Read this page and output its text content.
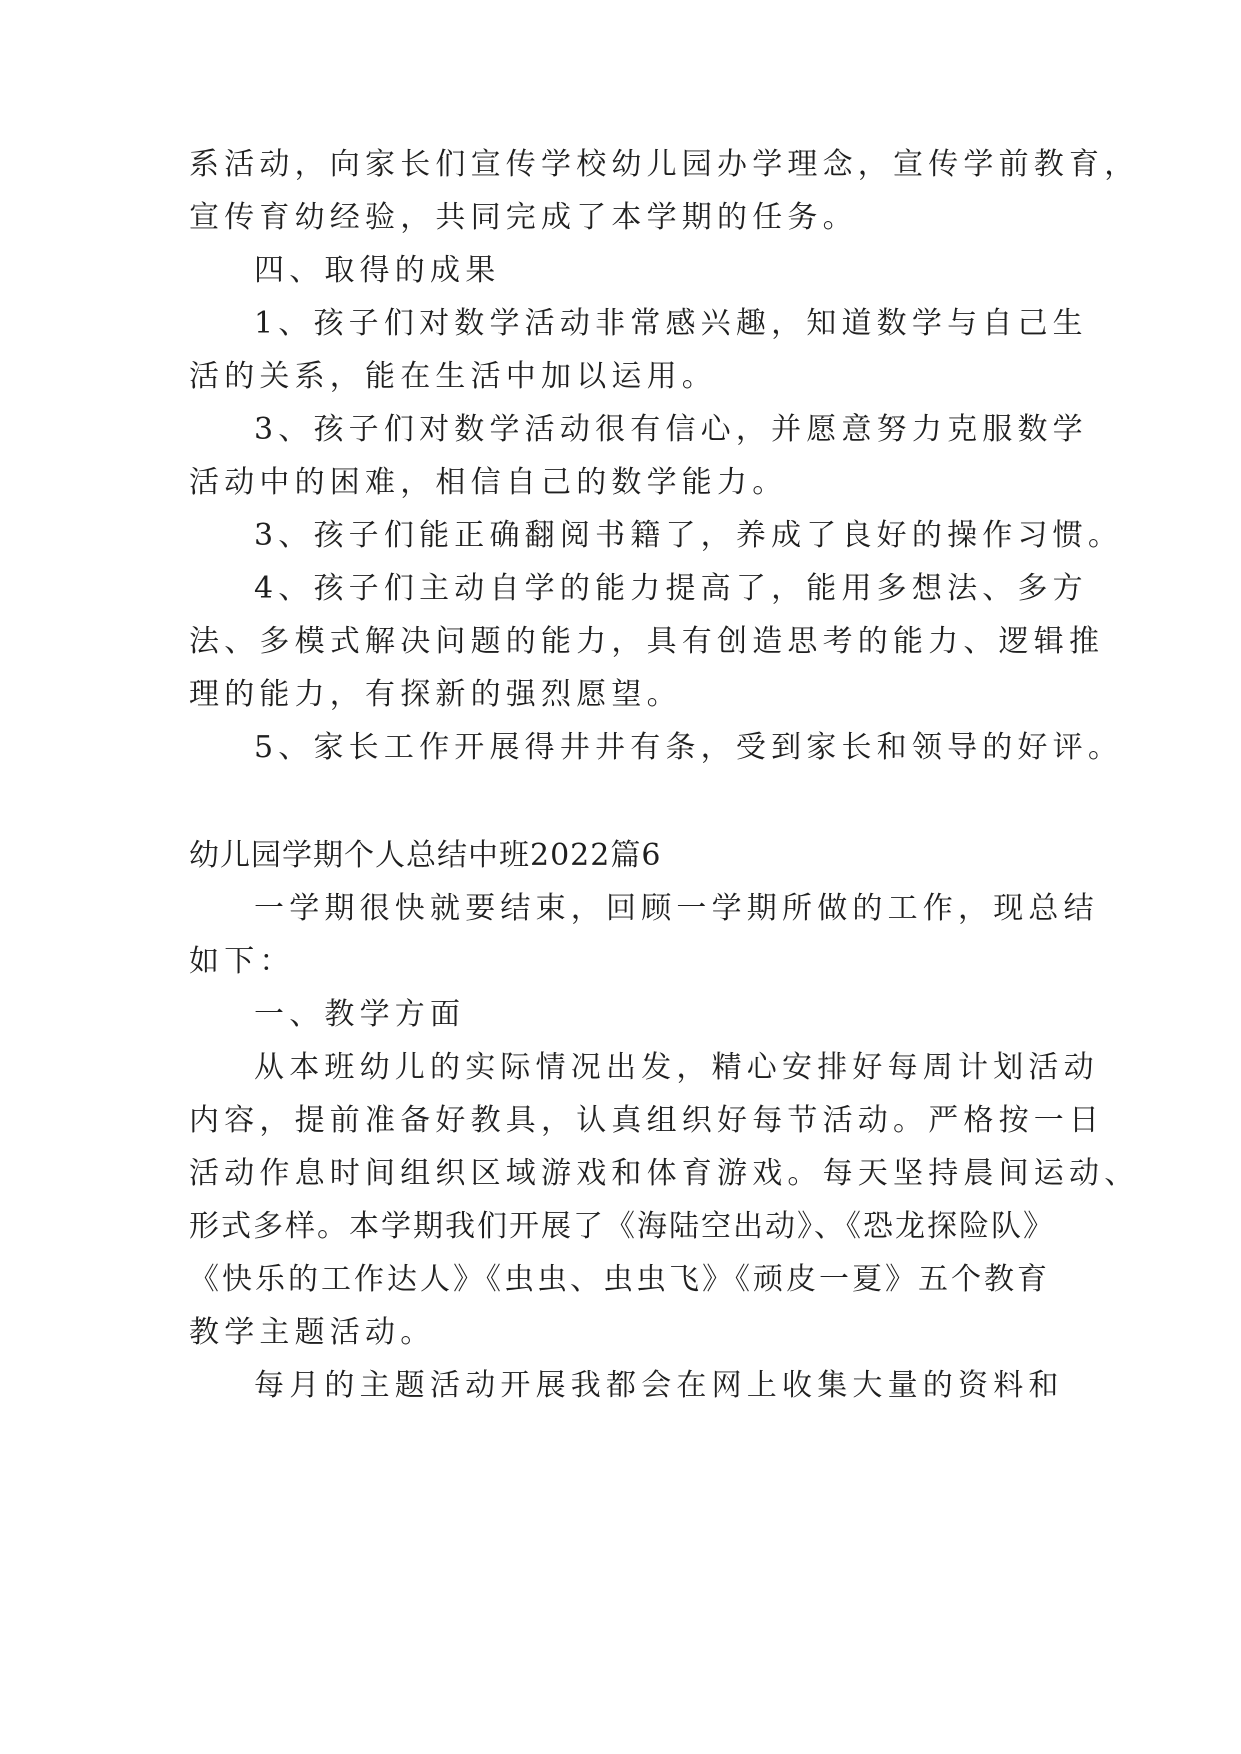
系活动，向家长们宣传学校幼儿园办学理念，宣传学前教育，
宣传育幼经验，共同完成了本学期的任务。
四、取得的成果
1、孩子们对数学活动非常感兴趣，知道数学与自己生
活的关系，能在生活中加以运用。
3、孩子们对数学活动很有信心，并愿意努力克服数学
活动中的困难，相信自己的数学能力。
3、孩子们能正确翻阅书籍了，养成了良好的操作习惯。
4、孩子们主动自学的能力提高了，能用多想法、多方
法、多模式解决问题的能力，具有创造思考的能力、逻辑推
理的能力，有探新的强烈愿望。
5、家长工作开展得井井有条，受到家长和领导的好评。
幼儿园学期个人总结中班2022篇6
一学期很快就要结束，回顾一学期所做的工作，现总结
如下：
一、教学方面
从本班幼儿的实际情况出发，精心安排好每周计划活动
内容，提前准备好教具，认真组织好每节活动。严格按一日
活动作息时间组织区域游戏和体育游戏。每天坚持晨间运动、
形式多样。本学期我们开展了《海陆空出动》、《恐龙探险队》
《快乐的工作达人》《虫虫、虫虫飞》《顽皮一夏》五个教育
教学主题活动。
每月的主题活动开展我都会在网上收集大量的资料和
